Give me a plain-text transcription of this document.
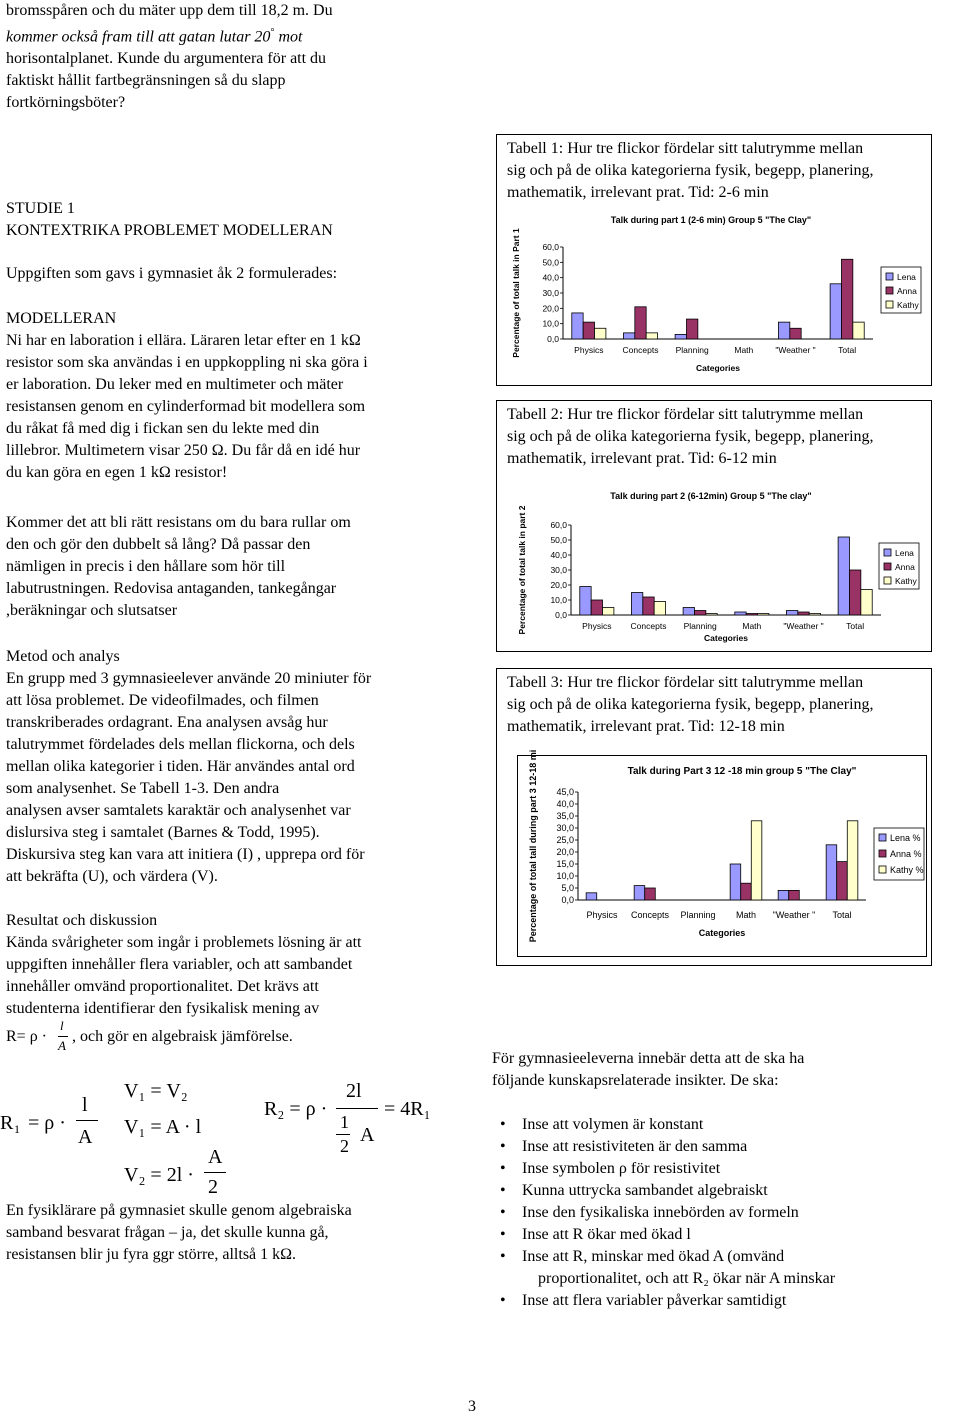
bromsspåren och du mäter upp dem till 18,2 m. Du

kommer också fram till att gatan lutar 20° mot

horisontalplanet. Kunde du argumentera för att du

faktiskt hållit fartbegränsningen så du slapp

fortkörningsböter?

STUDIE 1

KONTEXTRIKA PROBLEMET MODELLERAN

Uppgiften som gavs i gymnasiet åk 2 formulerades:

MODELLERAN

Ni har en laboration i ellära. Läraren letar efter en 1 kΩ

resistor som ska användas i en uppkoppling ni ska göra i

er laboration. Du leker med en multimeter och mäter

resistansen genom en cylinderformad bit modellera som

du råkat få med dig i fickan sen du lekte med din

lillebror. Multimetern visar 250 Ω. Du får då en idé hur

du kan göra en egen 1 kΩ resistor!

Kommer det att bli rätt resistans om du bara rullar om

den och gör den dubbelt så lång? Då passar den

nämligen in precis i den hållare som hör till

labutrustningen. Redovisa antaganden, tankegångar

,beräkningar och slutsatser

Metod och analys

En grupp med 3 gymnasieelever använde 20 miniuter för

att lösa problemet. De videofilmades, och filmen

transkriberades ordagrant. Ena analysen avsåg hur

talutrymmet fördelades dels mellan flickorna, och dels

mellan olika kategorier i tiden. Här användes antal ord

som analysenhet. Se Tabell 1-3. Den andra

analysen avser samtalets karaktär och analysenhet var

dislursiva steg i samtalet (Barnes & Todd, 1995).

Diskursiva steg kan vara att initiera (I) , upprepa ord för

att bekräfta (U), och värdera (V).

Resultat och diskussion

Kända svårigheter som ingår i problemets lösning är att

uppgiften innehåller flera variabler, och att sambandet

innehåller omvänd proportionalitet. Det krävs att

studenterna identifierar den fysikalisk mening av

R= ρ ·
l
A
, och gör en algebraisk jämförelse.
R 1 = ρ ·
l
A
V₁ = V₂
V₁ = A · l
V₂ = 2l ·
A
2
R₂ = ρ ·
2l
1
2 A
= 4R₁

En fysiklärare på gymnasiet skulle genom algebraiska

samband besvarat frågan – ja, det skulle kunna gå,

resistansen blir ju fyra ggr större, alltså 1 kΩ.

Tabell 1: Hur tre flickor fördelar sitt talutrymme mellan

sig och på de olika kategorierna fysik, begepp, planering,

mathematik, irrelevant prat. Tid: 2-6 min

Talk during part 1 (2-6 min) Group 5 "The Clay"
Percentage of total talk in Part 1	60,0
50,0
40,0
30,0
20,0
10,0
0,0
Physics Concepts Planning	Math	"Weather "	Total
Categories
Lena
Anna
Kathy

Tabell 2: Hur tre flickor fördelar sitt talutrymme mellan

sig och på de olika kategorierna fysik, begepp, planering,

mathematik, irrelevant prat. Tid: 6-12 min

Talk during part 2 (6-12min) Group 5 "The clay"
Percentage of total talk in part 2	60,0
50,0
40,0
30,0
20,0
10,0
0,0
Physics Concepts Planning	Math	"Weather "	Total
Categories
Lena
Anna
Kathy

Tabell 3: Hur tre flickor fördelar sitt talutrymme mellan

sig och på de olika kategorierna fysik, begepp, planering,

mathematik, irrelevant prat. Tid: 12-18 min

Talk during Part 3 12 -18 min group 5 "The Clay"
Percentage of total tall during part 3 12-18 mi 45,0
40,0
35,0
30,0
25,0
20,0
15,0
10,0
5,0
0,0
Physics Concepts Planning Math "Weather " Total
Categories
Lena %
Anna %
Kathy %

För gymnasieeleverna innebär detta att de ska ha

följande kunskapsrelaterade insikter. De ska:

• Inse att volymen är konstant
• Inse att resistiviteten är den samma
• Inse symbolen ρ för resistivitet
• Kunna uttrycka sambandet algebraiskt
• Inse den fysikaliska innebörden av formeln
• Inse att R ökar med ökad l
• Inse att R, minskar med ökad A (omvänd
proportionalitet, och att R₂ ökar när A minskar
• Inse att flera variabler påverkar samtidigt
3
